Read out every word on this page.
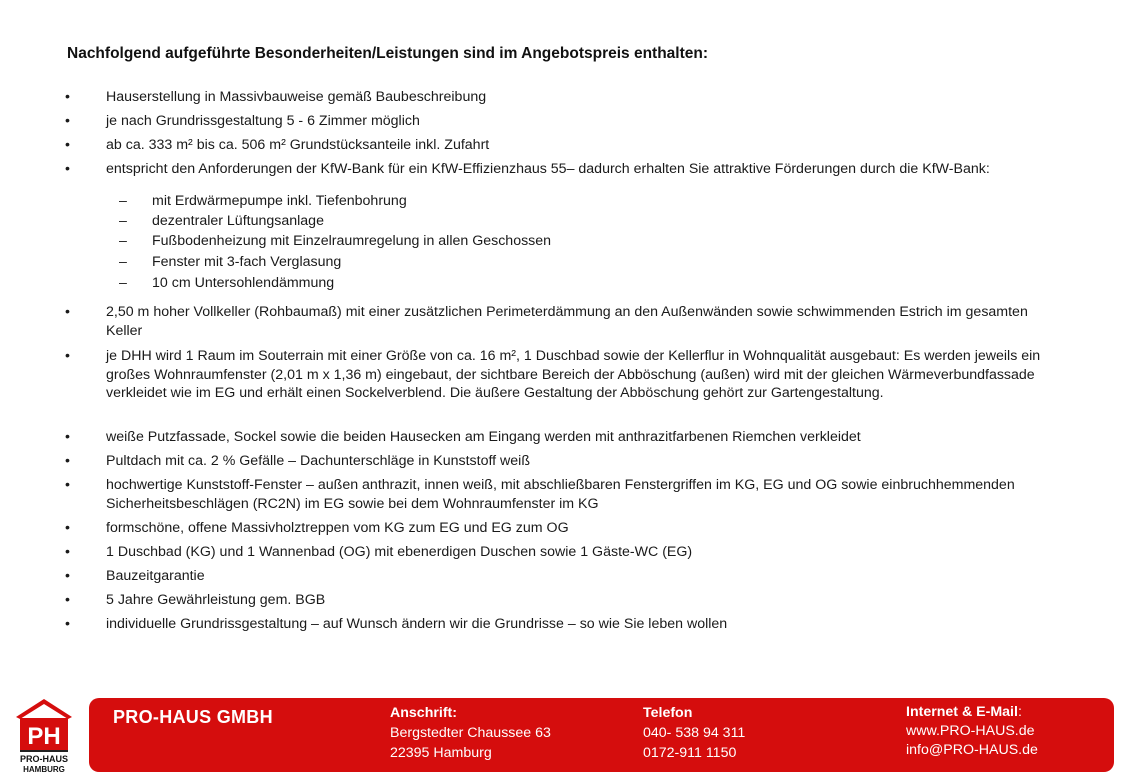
Nachfolgend aufgeführte Besonderheiten/Leistungen sind im Angebotspreis enthalten:
•	Hauserstellung in Massivbauweise gemäß Baubeschreibung
•	je nach Grundrissgestaltung 5 - 6 Zimmer möglich
•	ab ca. 333 m² bis ca. 506 m² Grundstücksanteile inkl. Zufahrt
•	entspricht den Anforderungen der KfW-Bank für ein KfW-Effizienzhaus 55– dadurch erhalten Sie attraktive Förderungen durch die KfW-Bank:
– mit Erdwärmepumpe inkl. Tiefenbohrung
– dezentraler Lüftungsanlage
– Fußbodenheizung mit Einzelraumregelung in allen Geschossen
– Fenster mit 3-fach Verglasung
– 10 cm Untersohlendämmung
•	2,50 m hoher Vollkeller (Rohbaumaß) mit einer zusätzlichen Perimeterdämmung an den Außenwänden sowie schwimmenden Estrich im gesamten Keller
•	je DHH wird 1 Raum im Souterrain mit einer Größe von ca. 16 m², 1 Duschbad sowie der Kellerflur in Wohnqualität ausgebaut: Es werden jeweils ein großes Wohnraumfenster (2,01 m x 1,36 m) eingebaut, der sichtbare Bereich der Abböschung (außen) wird mit der gleichen Wärmeverbundfassade verkleidet wie im EG und erhält einen Sockelverblend. Die äußere Gestaltung der Abböschung gehört zur Gartengestaltung.
•	weiße Putzfassade, Sockel sowie die beiden Hausecken am Eingang werden mit anthrazitfarbenen Riemchen verkleidet
•	Pultdach mit ca. 2 % Gefälle – Dachunterschläge in Kunststoff weiß
•	hochwertige Kunststoff-Fenster – außen anthrazit, innen weiß, mit abschließbaren Fenstergriffen im KG, EG und OG sowie einbruchhemmenden Sicherheitsbeschlägen (RC2N) im EG sowie bei dem Wohnraumfenster im KG
•	formschöne, offene Massivholztreppen vom KG zum EG und EG zum OG
•	1 Duschbad (KG) und 1 Wannenbad (OG) mit ebenerdigen Duschen sowie 1 Gäste-WC (EG)
•	Bauzeitgarantie
•	5 Jahre Gewährleistung gem. BGB
•	individuelle Grundrissgestaltung – auf Wunsch ändern wir die Grundrisse – so wie Sie leben wollen
PH
PRO-HAUS
HAMBURG
PRO-HAUS GMBH	Anschrift:
Bergstedter Chaussee 63
22395 Hamburg
Telefon
040- 538 94 311
0172-911 1150
Internet & E-Mail:
www.PRO-HAUS.de
info@PRO-HAUS.de
